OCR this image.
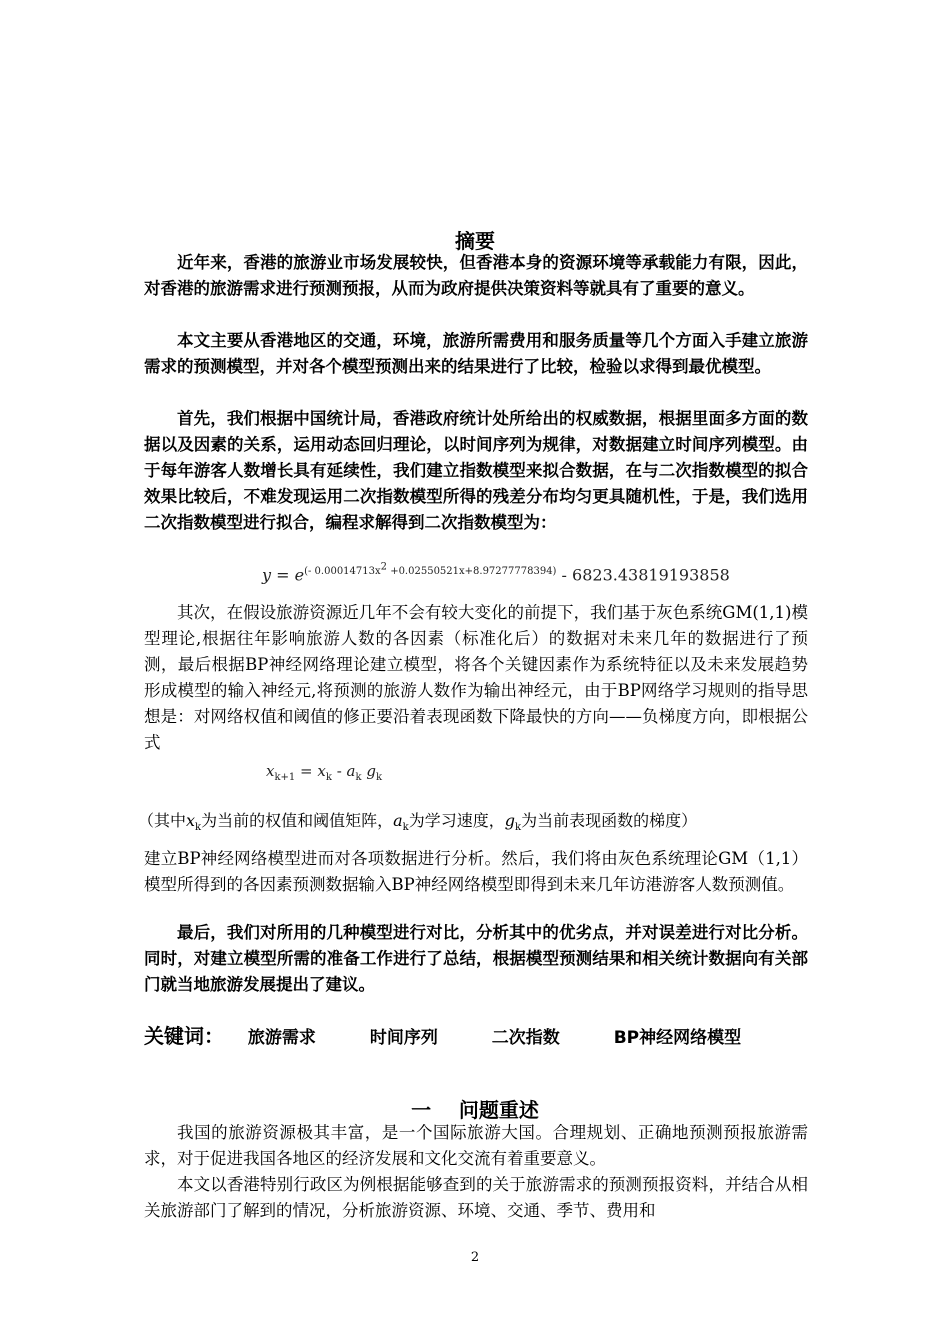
摘要

近年来，香港的旅游业市场发展较快，但香港本身的资源环境等承载能力有限，因此，对香港的旅游需求进行预测预报，从而为政府提供决策资料等就具有了重要的意义。

本文主要从香港地区的交通，环境，旅游所需费用和服务质量等几个方面入手建立旅游需求的预测模型，并对各个模型预测出来的结果进行了比较，检验以求得到最优模型。

首先，我们根据中国统计局，香港政府统计处所给出的权威数据，根据里面多方面的数据以及因素的关系，运用动态回归理论，以时间序列为规律，对数据建立时间序列模型。由于每年游客人数增长具有延续性，我们建立指数模型来拟合数据，在与二次指数模型的拟合效果比较后，不难发现运用二次指数模型所得的残差分布均匀更具随机性，于是，我们选用二次指数模型进行拟合，编程求解得到二次指数模型为：

$y = e^{(- 0.00014713x^2 +0.02550521x+8.97277778394)} - 6823.43819193858$

其次，在假设旅游资源近几年不会有较大变化的前提下，我们基于灰色系统GM(1,1)模型理论,根据往年影响旅游人数的各因素（标准化后）的数据对未来几年的数据进行了预测，最后根据BP神经网络理论建立模型，将各个关键因素作为系统特征以及未来发展趋势形成模型的输入神经元,将预测的旅游人数作为输出神经元，由于BP网络学习规则的指导思想是：对网络权值和阈值的修正要沿着表现函数下降最快的方向——负梯度方向，即根据公式

$x_{k+1} = x_k - a_k$ $g_k$
（其中$x_k$为当前的权值和阈值矩阵，$a_k$为学习速度，$g_k$为当前表现函数的梯度）

建立BP神经网络模型进而对各项数据进行分析。然后，我们将由灰色系统理论GM（1,1）模型所得到的各因素预测数据输入BP神经网络模型即得到未来几年访港游客人数预测值。

最后，我们对所用的几种模型进行对比，分析其中的优劣点，并对误差进行对比分析。同时，对建立模型所需的准备工作进行了总结，根据模型预测结果和相关统计数据向有关部门就当地旅游发展提出了建议。

关键词： 旅游需求	时间序列	二次指数	BP神经网络模型
一    问题重述

我国的旅游资源极其丰富，是一个国际旅游大国。合理规划、正确地预测预报旅游需求，对于促进我国各地区的经济发展和文化交流有着重要意义。

本文以香港特别行政区为例根据能够查到的关于旅游需求的预测预报资料，并结合从相关旅游部门了解到的情况，分析旅游资源、环境、交通、季节、费用和

2
